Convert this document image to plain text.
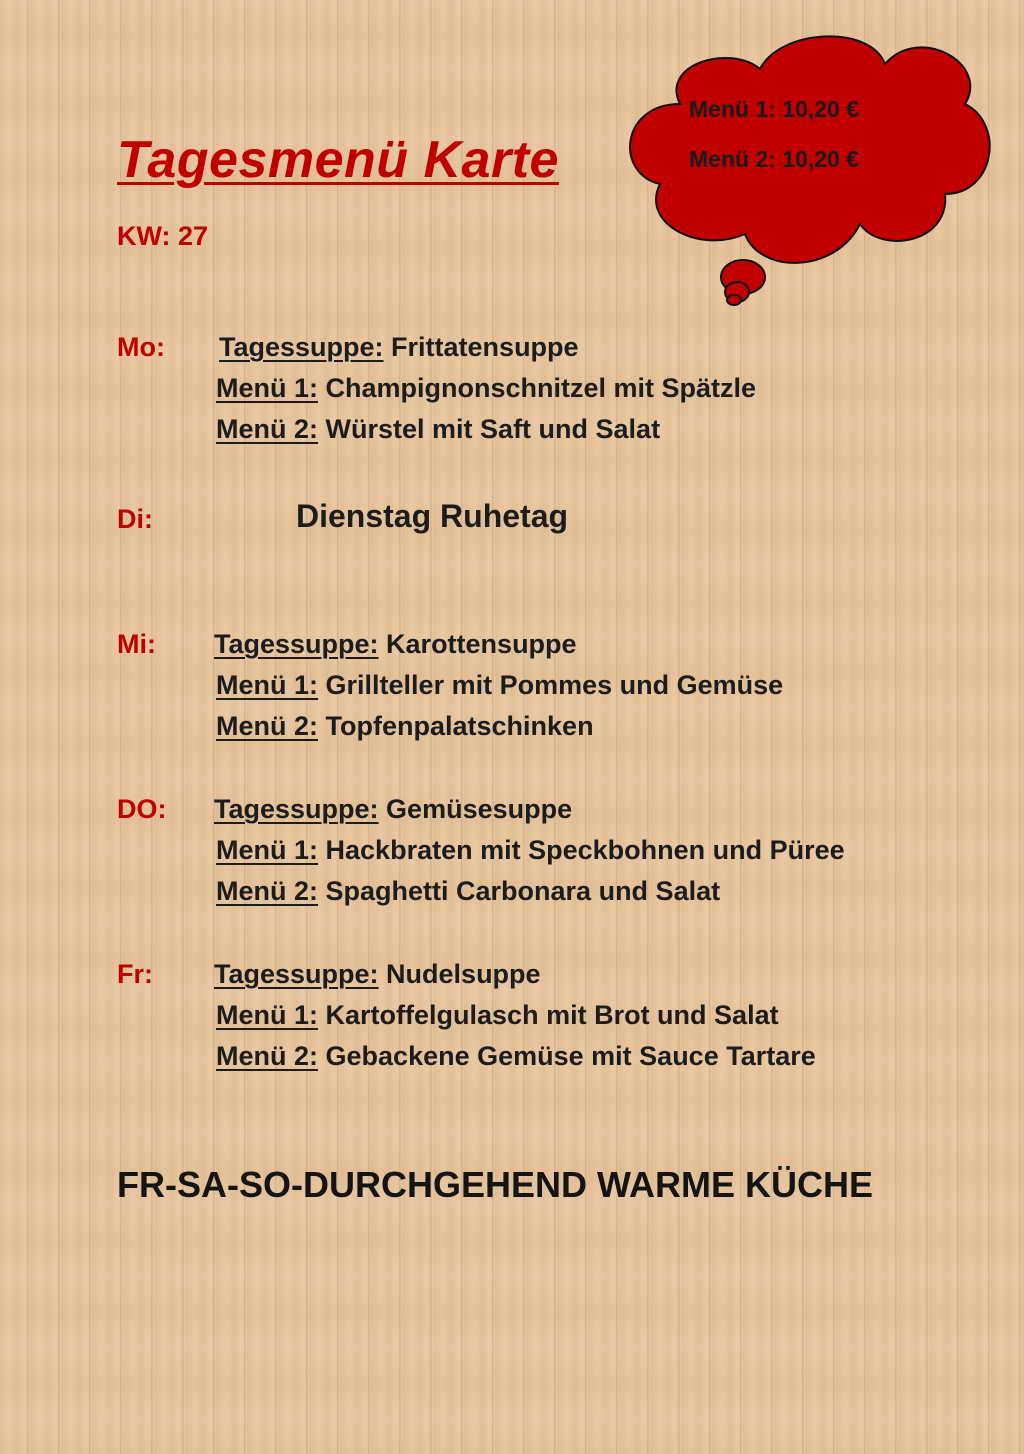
Tagesmenü Karte
KW: 27
Menü 1: 10,20 €
Menü 2: 10,20 €
Mo: Tagessuppe: Frittatensuppe
Menü 1: Champignonschnitzel mit Spätzle
Menü 2: Würstel mit Saft und Salat
Di:	Dienstag Ruhetag
Mi: Tagessuppe: Karottensuppe
Menü 1: Grillteller mit Pommes und Gemüse
Menü 2: Topfenpalatschinken
DO: Tagessuppe: Gemüsesuppe
Menü 1: Hackbraten mit Speckbohnen und Püree
Menü 2: Spaghetti Carbonara und Salat
Fr: Tagessuppe: Nudelsuppe
Menü 1: Kartoffelgulasch mit Brot und Salat
Menü 2: Gebackene Gemüse mit Sauce Tartare
FR-SA-SO-DURCHGEHEND WARME KÜCHE
